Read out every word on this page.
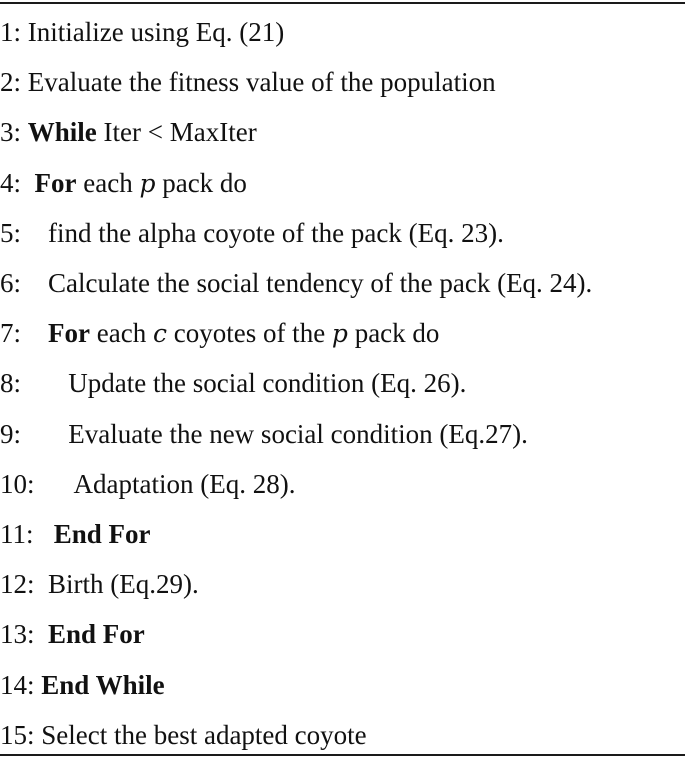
1: Initialize using Eq. (21)
2: Evaluate the fitness value of the population
3: While Iter < MaxIter
4: For each p pack do
5: find the alpha coyote of the pack (Eq. 23).
6: Calculate the social tendency of the pack (Eq. 24).
7: For each c coyotes of the p pack do
8: Update the social condition (Eq. 26).
9: Evaluate the new social condition (Eq.27).
10: Adaptation (Eq. 28).
11: End For
12: Birth (Eq.29).
13: End For
14: End While
15: Select the best adapted coyote
